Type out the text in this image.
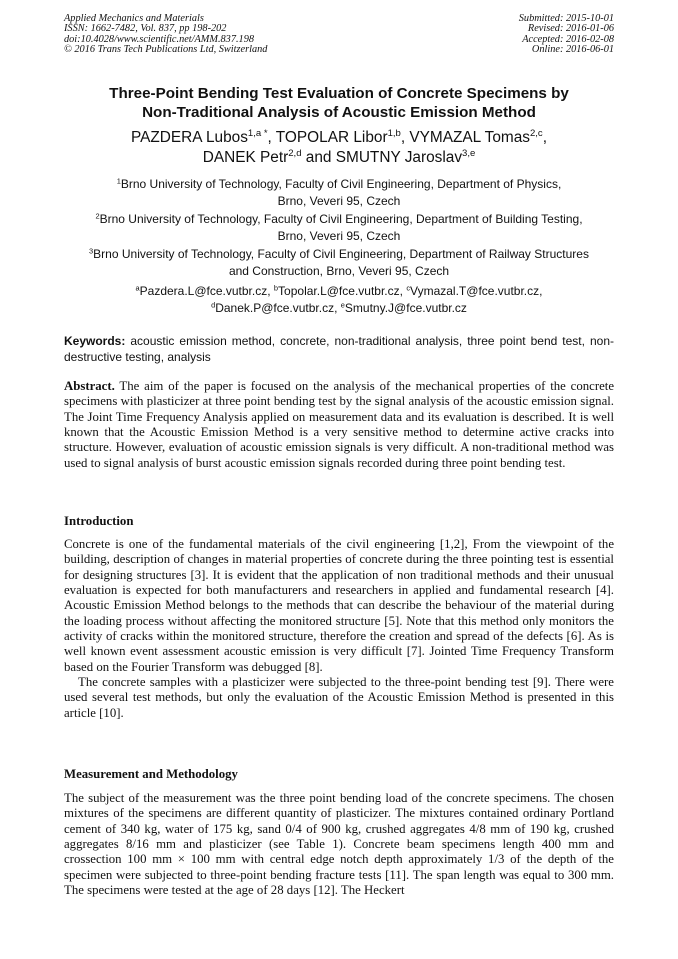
Applied Mechanics and Materials
ISSN: 1662-7482, Vol. 837, pp 198-202
doi:10.4028/www.scientific.net/AMM.837.198
© 2016 Trans Tech Publications Ltd, Switzerland
Submitted: 2015-10-01
Revised: 2016-01-06
Accepted: 2016-02-08
Online: 2016-06-01
Three-Point Bending Test Evaluation of Concrete Specimens by
Non-Traditional Analysis of Acoustic Emission Method
PAZDERA Lubos$^{1,a *}$, TOPOLAR Libor$^{1,b}$, VYMAZAL Tomas$^{2,c}$,
DANEK Petr$^{2,d}$ and SMUTNY Jaroslav$^{3,e}$
$^1$Brno University of Technology, Faculty of Civil Engineering, Department of Physics,
Brno, Veveri 95, Czech
$^2$Brno University of Technology, Faculty of Civil Engineering, Department of Building Testing,
Brno, Veveri 95, Czech
$^3$Brno University of Technology, Faculty of Civil Engineering, Department of Railway Structures
and Construction, Brno, Veveri 95, Czech
$^a$Pazdera.L@fce.vutbr.cz, $^b$Topolar.L@fce.vutbr.cz, $^c$Vymazal.T@fce.vutbr.cz,
$^d$Danek.P@fce.vutbr.cz, $^e$Smutny.J@fce.vutbr.cz
Keywords: acoustic emission method, concrete, non-traditional analysis, three point bend test, non-destructive testing, analysis

Abstract. The aim of the paper is focused on the analysis of the mechanical properties of the concrete specimens with plasticizer at three point bending test by the signal analysis of the acoustic emission signal. The Joint Time Frequency Analysis applied on measurement data and its evaluation is described. It is well known that the Acoustic Emission Method is a very sensitive method to determine active cracks into structure. However, evaluation of acoustic emission signals is very difficult. A non-traditional method was used to signal analysis of burst acoustic emission signals recorded during three point bending test.

Introduction

Concrete is one of the fundamental materials of the civil engineering [1,2], From the viewpoint of the building, description of changes in material properties of concrete during the three pointing test is essential for designing structures [3]. It is evident that the application of non traditional methods and their unusual evaluation is expected for both manufacturers and researchers in applied and fundamental research [4]. Acoustic Emission Method belongs to the methods that can describe the behaviour of the material during the loading process without affecting the monitored structure [5]. Note that this method only monitors the activity of cracks within the monitored structure, therefore the creation and spread of the defects [6]. As is well known event assessment acoustic emission is very difficult [7]. Jointed Time Frequency Transform based on the Fourier Transform was debugged [8].

The concrete samples with a plasticizer were subjected to the three-point bending test [9]. There were used several test methods, but only the evaluation of the Acoustic Emission Method is presented in this article [10].

Measurement and Methodology

The subject of the measurement was the three point bending load of the concrete specimens. The chosen mixtures of the specimens are different quantity of plasticizer. The mixtures contained ordinary Portland cement of 340 kg, water of 175 kg, sand 0/4 of 900 kg, crushed aggregates 4/8 mm of 190 kg, crushed aggregates 8/16 mm and plasticizer (see Table 1). Concrete beam specimens length 400 mm and crossection 100 mm × 100 mm with central edge notch depth approximately 1/3 of the depth of the specimen were subjected to three-point bending fracture tests [11]. The span length was equal to 300 mm. The specimens were tested at the age of 28 days [12]. The Heckert
